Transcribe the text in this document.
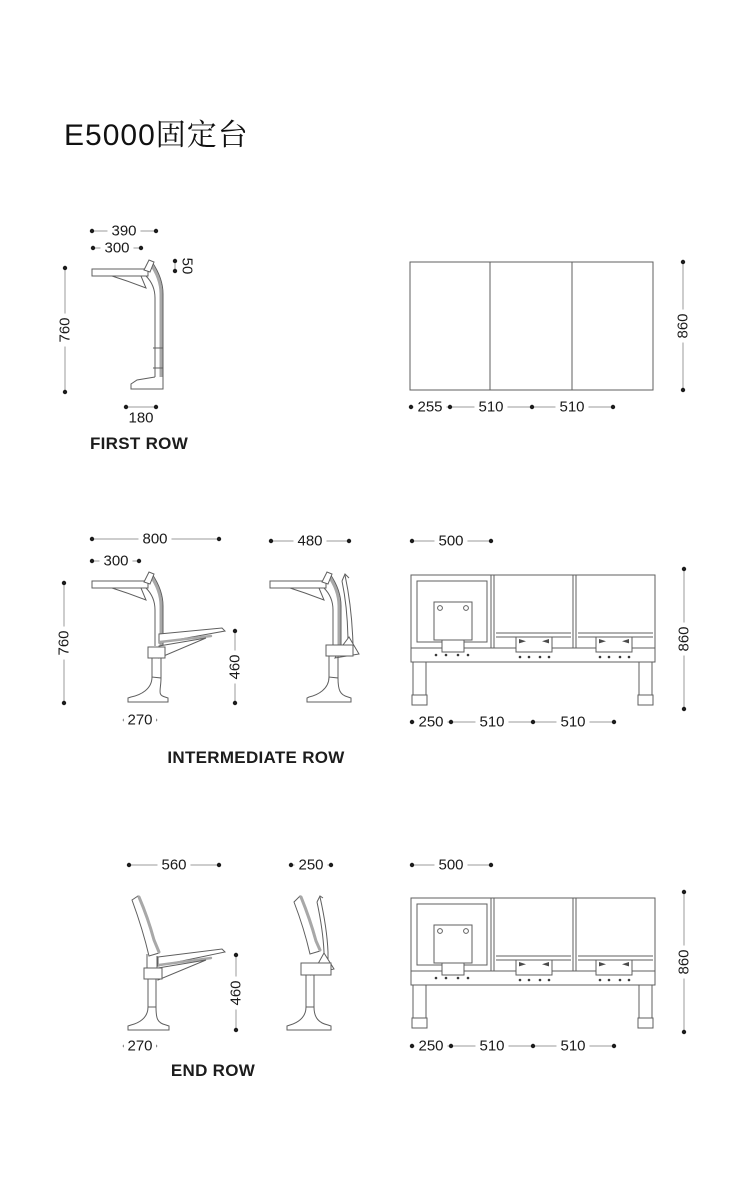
E5000固定台
390
300
50
760
180
255 510	510
860
800
300
760
460
270
480	500
860
250 510	510
560	250	500
460
860
270	250 510	510
FIRST ROW
INTERMEDIATE ROW
END ROW
